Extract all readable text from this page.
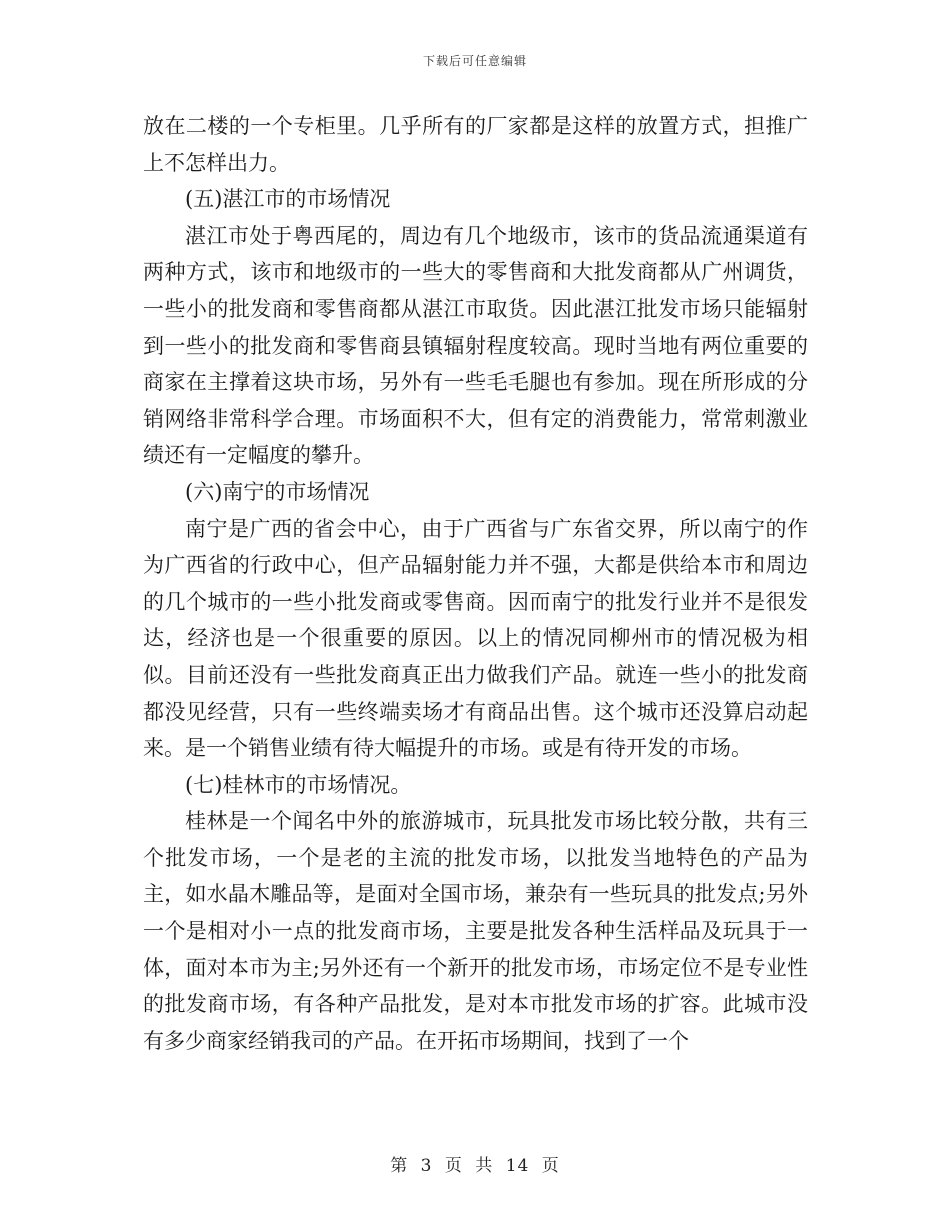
下载后可任意编辑

放在二楼的一个专柜里。几乎所有的厂家都是这样的放置方式，担推广上不怎样出力。

(五)湛江市的市场情况

湛江市处于粤西尾的，周边有几个地级市，该市的货品流通渠道有两种方式，该市和地级市的一些大的零售商和大批发商都从广州调货，一些小的批发商和零售商都从湛江市取货。因此湛江批发市场只能辐射到一些小的批发商和零售商县镇辐射程度较高。现时当地有两位重要的商家在主撑着这块市场，另外有一些毛毛腿也有参加。现在所形成的分销网络非常科学合理。市场面积不大，但有定的消费能力，常常刺激业绩还有一定幅度的攀升。

(六)南宁的市场情况

南宁是广西的省会中心，由于广西省与广东省交界，所以南宁的作为广西省的行政中心，但产品辐射能力并不强，大都是供给本市和周边的几个城市的一些小批发商或零售商。因而南宁的批发行业并不是很发达，经济也是一个很重要的原因。以上的情况同柳州市的情况极为相似。目前还没有一些批发商真正出力做我们产品。就连一些小的批发商都没见经营，只有一些终端卖场才有商品出售。这个城市还没算启动起来。是一个销售业绩有待大幅提升的市场。或是有待开发的市场。

(七)桂林市的市场情况。

桂林是一个闻名中外的旅游城市，玩具批发市场比较分散，共有三个批发市场，一个是老的主流的批发市场，以批发当地特色的产品为主，如水晶木雕品等，是面对全国市场，兼杂有一些玩具的批发点;另外一个是相对小一点的批发商市场，主要是批发各种生活样品及玩具于一体，面对本市为主;另外还有一个新开的批发市场，市场定位不是专业性的批发商市场，有各种产品批发，是对本市批发市场的扩容。此城市没有多少商家经销我司的产品。在开拓市场期间，找到了一个

第 3 页 共 14 页
